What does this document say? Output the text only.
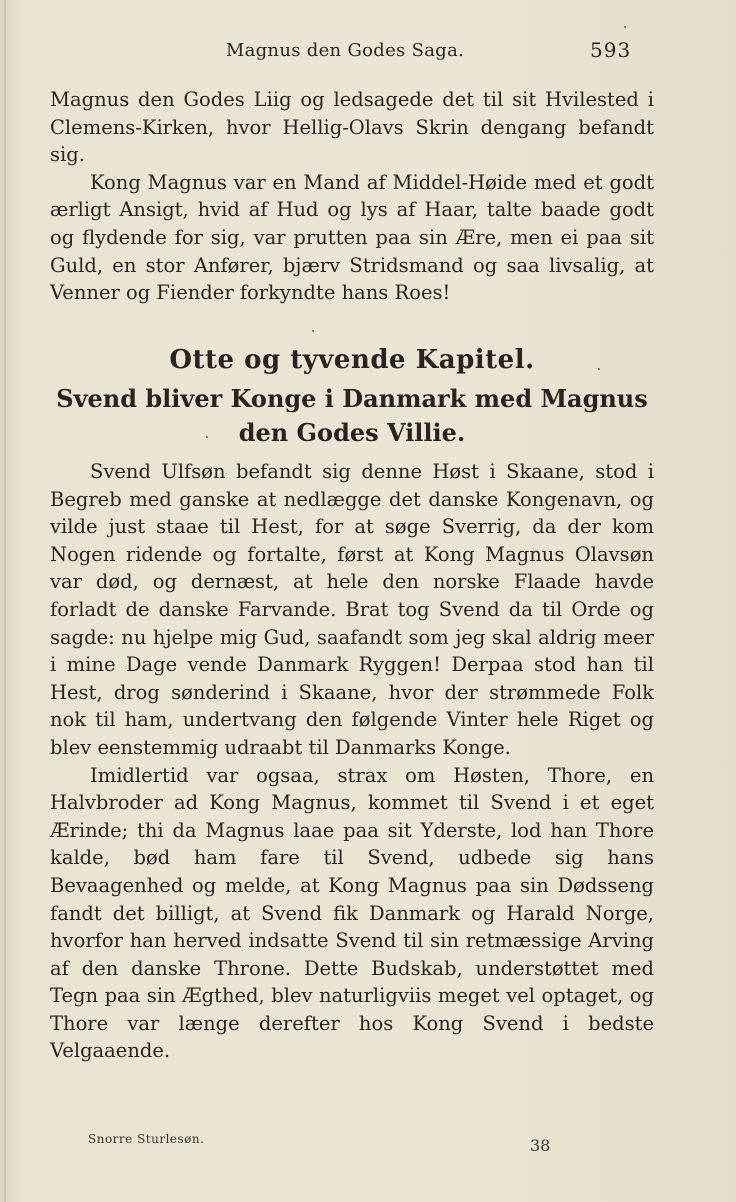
Magnus den Godes Saga.	593

Magnus den Godes Liig og ledsagede det til sit Hvilested i Clemens-Kirken, hvor Hellig-Olavs Skrin dengang befandt sig.

Kong Magnus var en Mand af Middel-Høide med et godt ærligt Ansigt, hvid af Hud og lys af Haar, talte baade godt og flydende for sig, var prutten paa sin Ære, men ei paa sit Guld, en stor Anfører, bjærv Stridsmand og saa livsalig, at Venner og Fiender forkyndte hans Roes!

Otte og tyvende Kapitel.
Svend bliver Konge i Danmark med Magnus den Godes Villie.

Svend Ulfsøn befandt sig denne Høst i Skaane, stod i Begreb med ganske at nedlægge det danske Kongenavn, og vilde just staae til Hest, for at søge Sverrig, da der kom Nogen ridende og fortalte, først at Kong Magnus Olavsøn var død, og dernæst, at hele den norske Flaade havde forladt de danske Farvande. Brat tog Svend da til Orde og sagde: nu hjelpe mig Gud, saafandt som jeg skal aldrig meer i mine Dage vende Danmark Ryggen! Derpaa stod han til Hest, drog sønderind i Skaane, hvor der strømmede Folk nok til ham, undertvang den følgende Vinter hele Riget og blev eenstemmig udraabt til Danmarks Konge.

Imidlertid var ogsaa, strax om Høsten, Thore, en Halvbroder ad Kong Magnus, kommet til Svend i et eget Ærinde; thi da Magnus laae paa sit Yderste, lod han Thore kalde, bød ham fare til Svend, udbede sig hans Bevaagenhed og melde, at Kong Magnus paa sin Dødsseng fandt det billigt, at Svend fik Danmark og Harald Norge, hvorfor han herved indsatte Svend til sin retmæssige Arving af den danske Throne. Dette Budskab, understøttet med Tegn paa sin Ægthed, blev naturligviis meget vel optaget, og Thore var længe derefter hos Kong Svend i bedste Velgaaende.

Snorre Sturlesøn.	38
